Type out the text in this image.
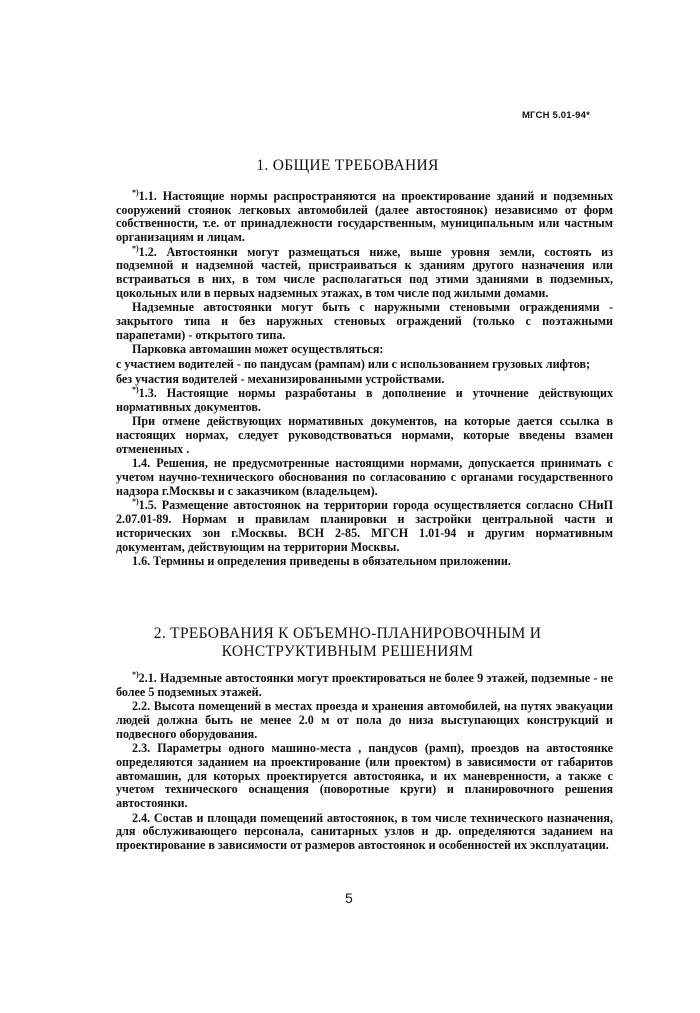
МГСН 5.01-94*
1. ОБЩИЕ ТРЕБОВАНИЯ

*)1.1. Настоящие нормы распространяются на проектирование зданий и подземных сооружений стоянок легковых автомобилей (далее автостоянок) независимо от форм собственности, т.е. от принадлежности государственным, муниципальным или частным организациям и лицам.

*)1.2. Автостоянки могут размещаться ниже, выше уровня земли, состоять из подземной и надземной частей, пристраиваться к зданиям другого назначения или встраиваться в них, в том числе располагаться под этими зданиями в подземных, цокольных или в первых надземных этажах, в том числе под жилыми домами.

Надземные автостоянки могут быть с наружными стеновыми ограждениями - закрытого типа и без наружных стеновых ограждений (только с поэтажными парапетами) - открытого типа.

Парковка автомашин может осуществляться:

с участием водителей - по пандусам (рампам) или с использованием грузовых лифтов;

без участия водителей - механизированными устройствами.

*)1.3. Настоящие нормы разработаны в дополнение и уточнение действующих нормативных документов.

При отмене действующих нормативных документов, на которые дается ссылка в настоящих нормах, следует руководствоваться нормами, которые введены взамен отмененных .

1.4. Решения, не предусмотренные настоящими нормами, допускается принимать с учетом научно-технического обоснования по согласованию с органами государственного надзора г.Москвы и с заказчиком (владельцем).

*)1.5. Размещение автостоянок на территории города осуществляется согласно СНиП 2.07.01-89. Нормам и правилам планировки и застройки центральной части и исторических зон г.Москвы. ВСН 2-85. МГСН 1.01-94 и другим нормативным документам, действующим на территории Москвы.

1.6. Термины и определения приведены в обязательном приложении.

2. ТРЕБОВАНИЯ К ОБЪЕМНО-ПЛАНИРОВОЧНЫМ И
КОНСТРУКТИВНЫМ РЕШЕНИЯМ

*)2.1. Надземные автостоянки могут проектироваться не более 9 этажей, подземные - не более 5 подземных этажей.

2.2. Высота помещений в местах проезда и хранения автомобилей, на путях эвакуации людей должна быть не менее 2.0 м от пола до низа выступающих конструкций и подвесного оборудования.

2.3. Параметры одного машино-места , пандусов (рамп), проездов на автостоянке определяются заданием на проектирование (или проектом) в зависимости от габаритов автомашин, для которых проектируется автостоянка, и их маневренности, а также с учетом технического оснащения (поворотные круги) и планировочного решения автостоянки.

2.4. Состав и площади помещений автостоянок, в том числе технического назначения, для обслуживающего персонала, санитарных узлов и др. определяются заданием на проектирование в зависимости от размеров автостоянок и особенностей их эксплуатации.

5
